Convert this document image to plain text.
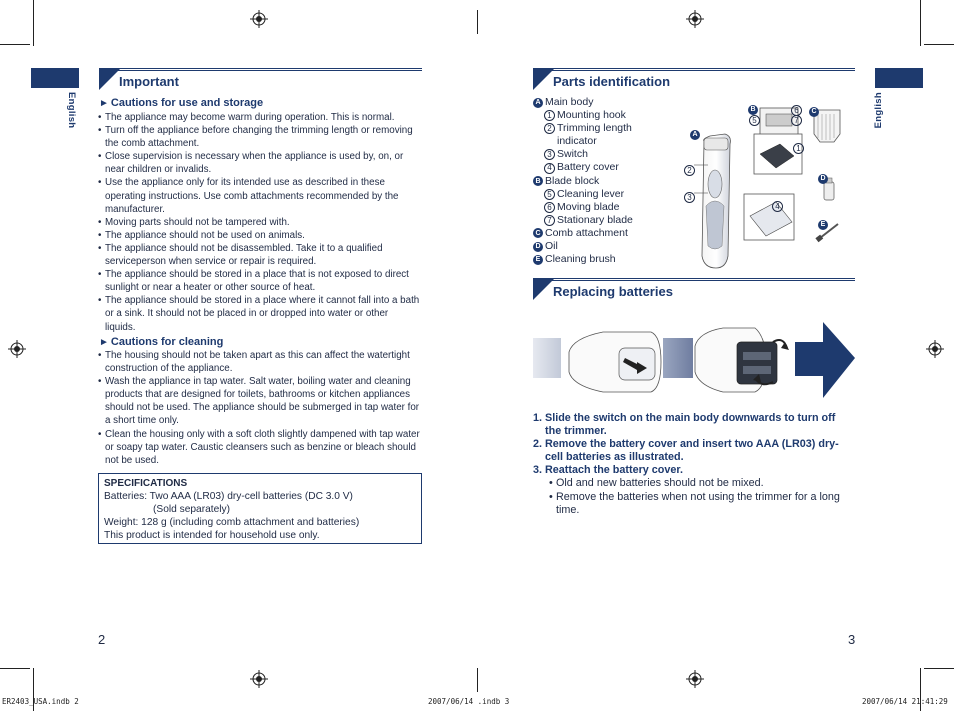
English	English
Important
► Cautions for use and storage
• The appliance may become warm during operation. This is normal.
• Turn off the appliance before changing the trimming length or removing the comb attachment.
• Close supervision is necessary when the appliance is used by, on, or near children or invalids.
• Use the appliance only for its intended use as described in these operating instructions. Use comb attachments recommended by the manufacturer.
• Moving parts should not be tampered with.
• The appliance should not be used on animals.
• The appliance should not be disassembled. Take it to a qualified serviceperson when service or repair is required.
• The appliance should be stored in a place that is not exposed to direct sunlight or near a heater or other source of heat.
• The appliance should be stored in a place where it cannot fall into a bath or a sink. It should not be placed in or dropped into water or other liquids.
► Cautions for cleaning
• The housing should not be taken apart as this can affect the watertight construction of the appliance.
• Wash the appliance in tap water. Salt water, boiling water and cleaning products that are designed for toilets, bathrooms or kitchen appliances should not be used. The appliance should be submerged in tap water for a short time only.
• Clean the housing only with a soft cloth slightly dampened with tap water or soapy tap water. Caustic cleansers such as benzine or bleach should not be used.
SPECIFICATIONS
Batteries: Two AAA (LR03) dry-cell batteries (DC 3.0 V)
(Sold separately)
Weight: 128 g (including comb attachment and batteries)
This product is intended for household use only.
2
ER2403_USA.indb 2
Parts identification
A Main body
1 Mounting hook
2 Trimming length
indicator
3 Switch
4 Battery cover
B Blade block
5 Cleaning lever
6 Moving blade
7 Stationary blade
C Comb attachment
D Oil
E Cleaning brush
A
B	C
D
E
1
2
3
4
5
6
7
Replacing batteries
1. Slide the switch on the main body downwards to turn off the trimmer.
2. Remove the battery cover and insert two AAA (LR03) dry-cell batteries as illustrated.
3. Reattach the battery cover.
• Old and new batteries should not be mixed.
• Remove the batteries when not using the trimmer for a long time.
3
2007/06/14 .indb 3	2007/06/14 21:41:29
